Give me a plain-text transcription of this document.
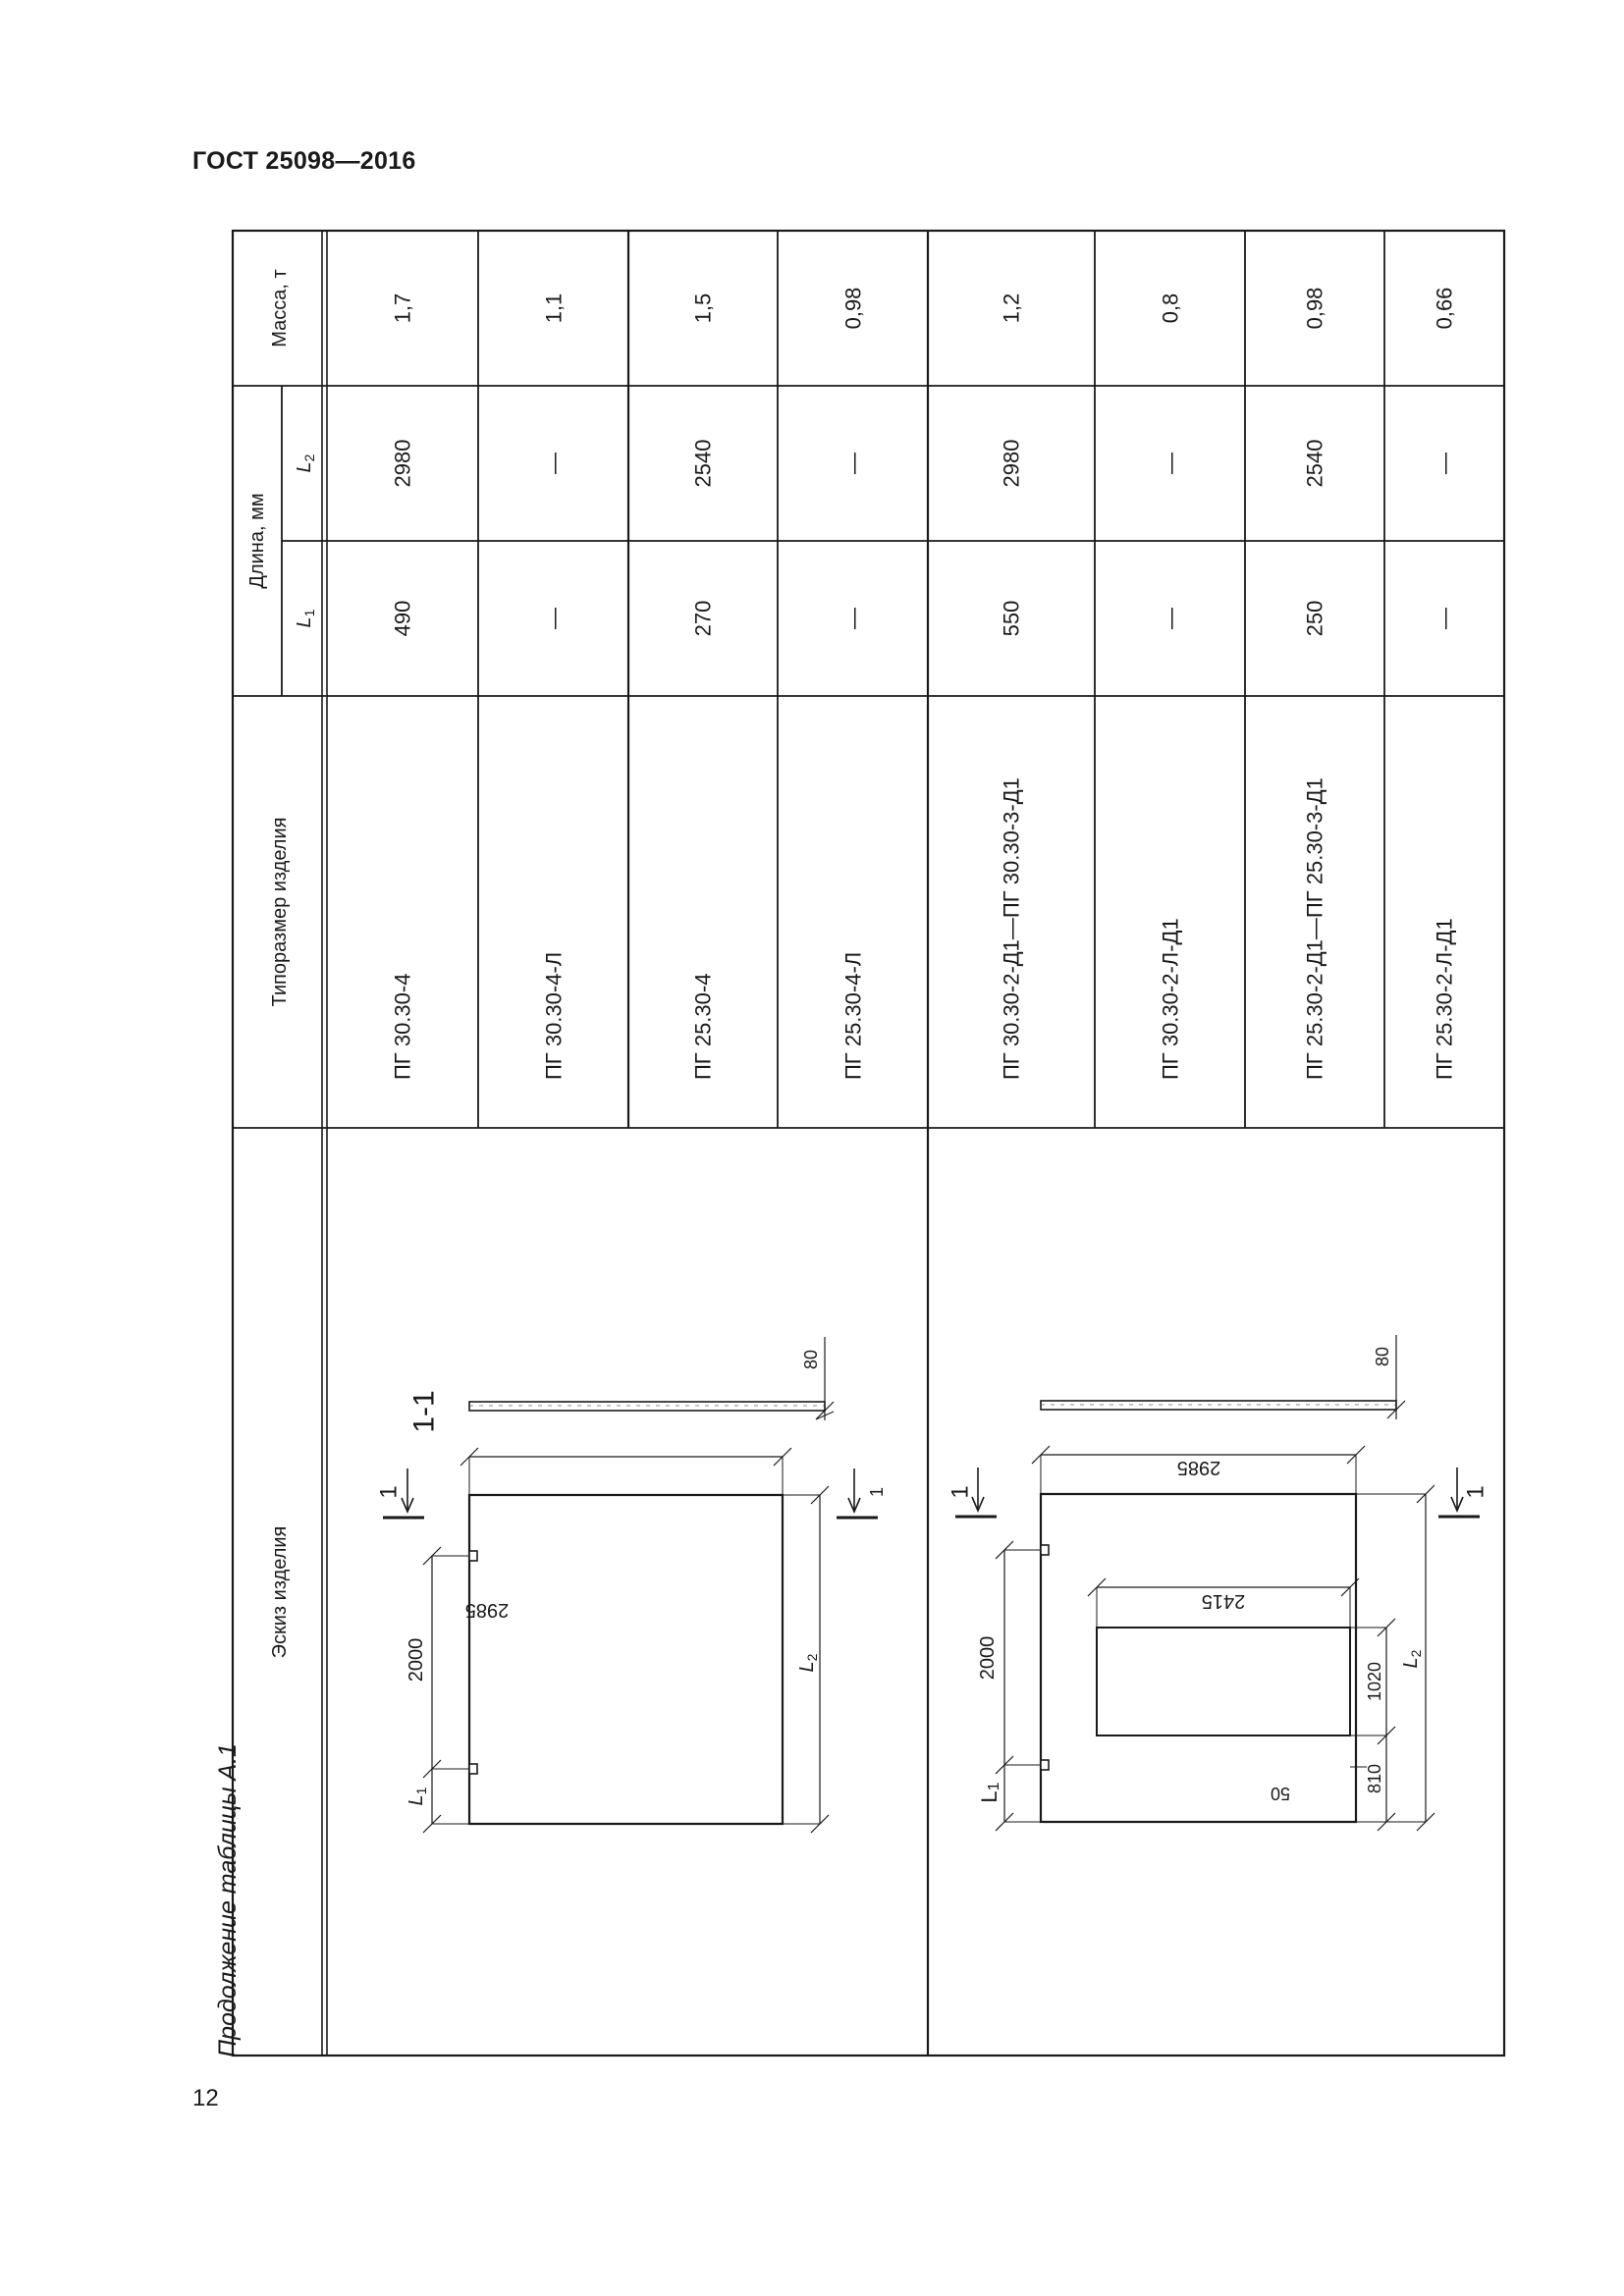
ГОСТ 25098—2016
Продолжение таблицы А.1
12
Эскиз изделия
Типоразмер изделия
Длина, мм
Масса, т
$L_1$
$L_2$
ПГ 30.30-4
490
2980
1,7
ПГ 30.30-4-Л
—
—
1,1
ПГ 25.30-4
270
2540
1,5
ПГ 25.30-4-Л
—
—
0,98
ПГ 30.30-2-Д1—ПГ 30.30-3-Д1
550
2980
1,2
ПГ 30.30-2-Л-Д1
—
—
0,8
ПГ 25.30-2-Д1—ПГ 25.30-3-Д1
250
2540
0,98
ПГ 25.30-2-Л-Д1
—
—
0,66
1-1
1	1
2985
2000
80
$L_1$
$L_2$
1	1
2985
2415
2000
1020
810
50
80
$L_1$
$L_2$
